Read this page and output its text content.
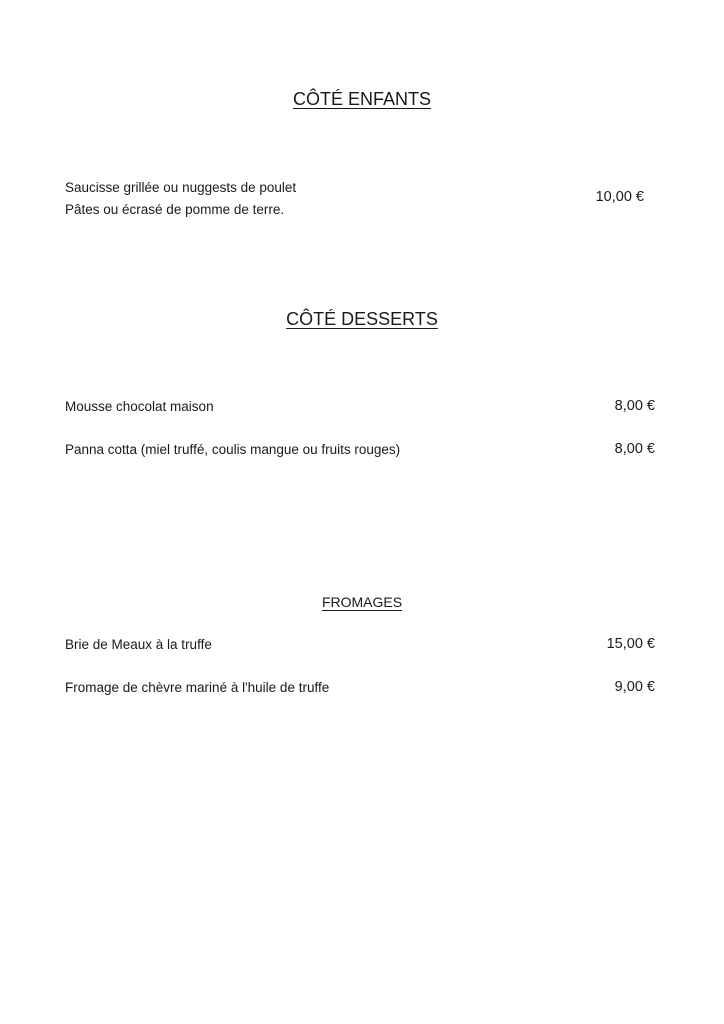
CÔTÉ ENFANTS
Saucisse grillée ou nuggests de poulet
Pâtes ou écrasé de pomme de terre.
10,00 €
CÔTÉ DESSERTS
Mousse chocolat maison	8,00 €
Panna cotta (miel truffé, coulis mangue ou fruits rouges)	8,00 €
FROMAGES
Brie de Meaux à la truffe	15,00 €
Fromage de chèvre mariné à l'huile de truffe	9,00 €
